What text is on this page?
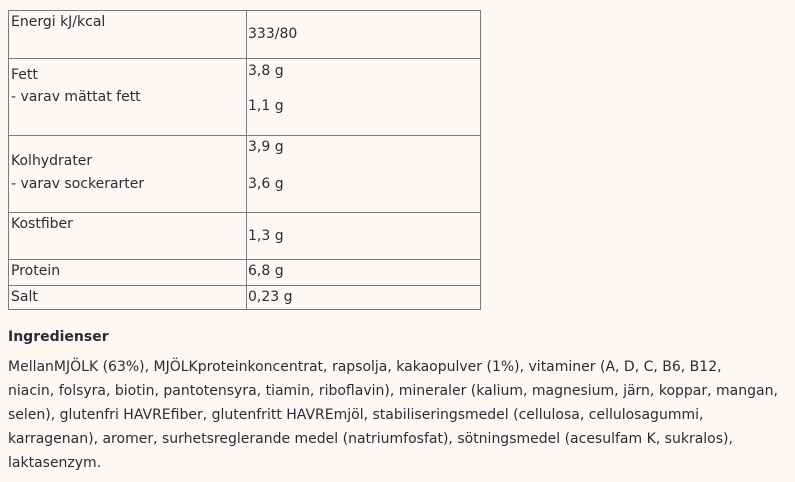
Energi kJ/kcal
333/80
Fett
- varav mättat fett
3,8 g
1,1 g
Kolhydrater
- varav sockerarter
3,9 g
3,6 g
Kostfiber
1,3 g
Protein	6,8 g
Salt	0,23 g
Ingredienser

MellanMJÖLK (63%), MJÖLKproteinkoncentrat, rapsolja, kakaopulver (1%), vitaminer (A, D, C, B6, B12,
niacin, folsyra, biotin, pantotensyra, tiamin, riboflavin), mineraler (kalium, magnesium, järn, koppar, mangan,
selen), glutenfri HAVREfiber, glutenfritt HAVREmjöl, stabiliseringsmedel (cellulosa, cellulosagummi,
karragenan), aromer, surhetsreglerande medel (natriumfosfat), sötningsmedel (acesulfam K, sukralos),
laktasenzym.
